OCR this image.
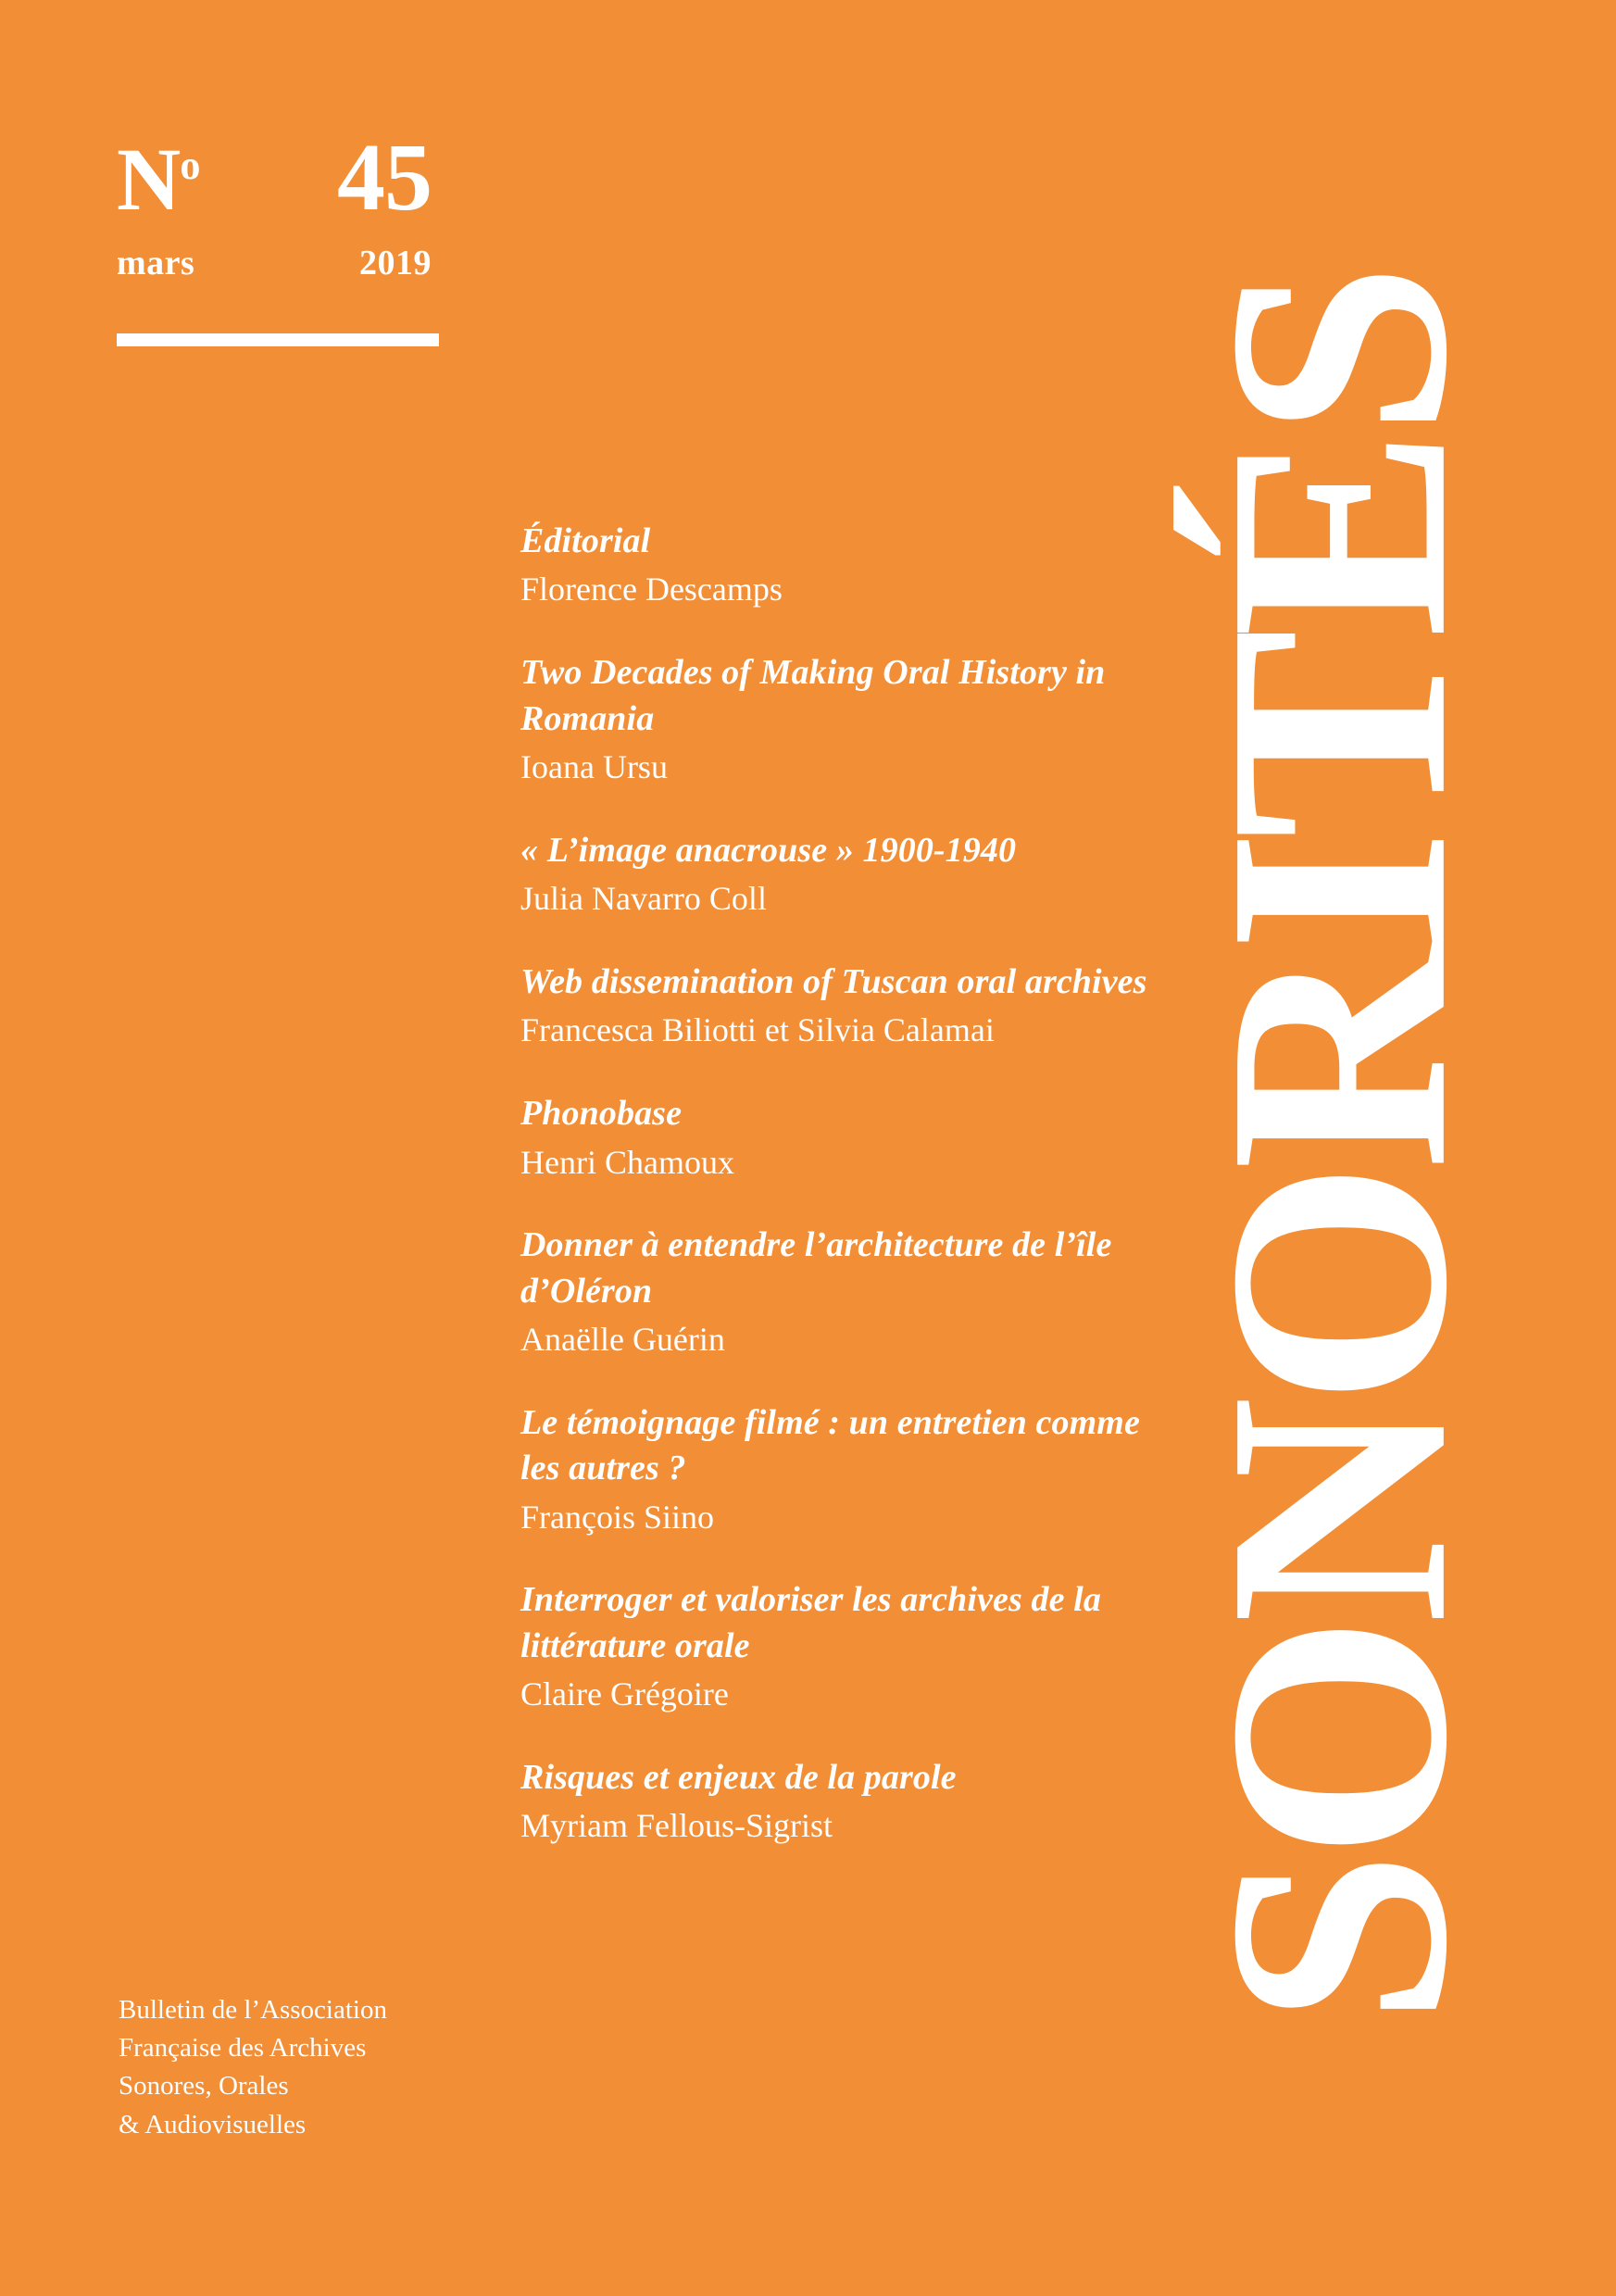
$N^o$ 45
mars	2019

Éditorial

Florence Descamps

Two Decades of Making Oral History in Romania

Ioana Ursu

« L’image anacrouse » 1900-1940

Julia Navarro Coll

Web dissemination of Tuscan oral archives

Francesca Biliotti et Silvia Calamai

Phonobase

Henri Chamoux

Donner à entendre l’architecture de l’île d’Oléron

Anaëlle Guérin

Le témoignage filmé : un entretien comme les autres ?

François Siino

Interroger et valoriser les archives de la littérature orale

Claire Grégoire

Risques et enjeux de la parole

Myriam Fellous-Sigrist	SONORITÉS
Bulletin de l’Association
Française des Archives
Sonores, Orales
& Audiovisuelles
